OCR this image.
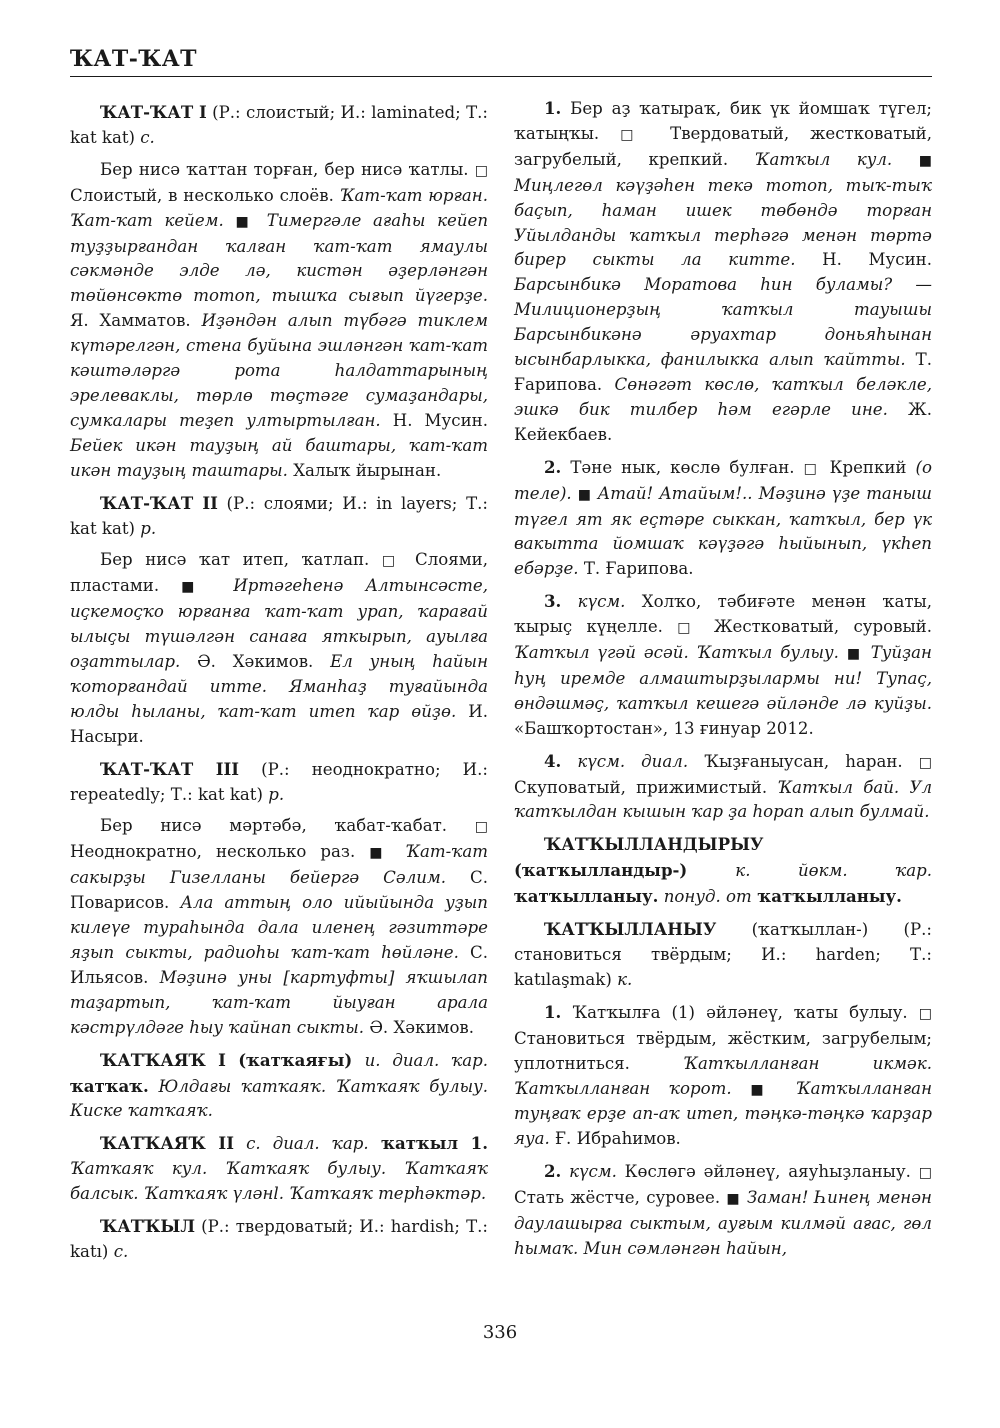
ҠАТ-ҠАТ

ҠАТ-ҠАТ I (Р.: слоистый; И.: laminated; Т.: kat kat) с.

Бер нисә ҡаттан торған, бер нисә ҡатлы. □ Слоистый, в несколько слоёв. Ҡат-ҡат юрған. Ҡат-ҡат кейем. ■ Тимергәле ағаһы кейеп туҙҙырғандан ҡалған ҡат-ҡат ямаулы сәкмәнде элде лә, кистән әҙерләнгән төйөнсөктө тотоп, тышҡа сығып йүгерҙе. Я. Хамматов. Иҙәндән алып түбәгә тиклем күтәрелгән, стена буйына эшләнгән ҡат-ҡат кәштәләргә рота һалдаттарының эрелеваклы, төрлө төҫтәге сумаҙандары, сумкалары теҙеп ултыртылған. Н. Мусин. Бейек икән тауҙың ай баштары, ҡат-ҡат икән тауҙың таштары. Халыҡ йырынан.

ҠАТ-ҠАТ II (Р.: слоями; И.: in layers; Т.: kat kat) р.

Бер нисә ҡат итеп, ҡатлап. □ Слоями, пластами. ■ Иртәгеһенә Алтынсәсте, иҫкемоҫҡо юрғанға ҡат-ҡат урап, ҡарағай ылыҫы түшәлгән санаға яткырып, ауылға оҙаттылар. Ә. Хәкимов. Ел уның һайын ҡоторғандай итте. Яманһаҙ туғайында юлды һыланы, ҡат-ҡат итеп ҡар өйҙө. И. Насыри.

ҠАТ-ҠАТ III (Р.: неоднократно; И.: repeatedly; Т.: kat kat) р.

Бер нисә мәртәбә, ҡабат-ҡабат. □ Неоднократно, несколько раз. ■ Ҡат-ҡат сакырҙы Гизелланы бейергә Сәлим. С. Поварисов. Ала аттың оло ийыйында уҙып килеүе тураһында дала иленең гәзиттәре яҙып сыкты, радиоһы ҡат-ҡат һөйләне. С. Ильясов. Мәҙинә уны [картуфты] яҡшылап таҙартып, ҡат-ҡат йыуған арала кәстрүлдәге һыу ҡайнап сыкты. Ә. Хәкимов.

ҠАТҠАЯҠ I (ҡатҡаяғы) и. диал. ҡар. ҡатҡаҡ. Юлдағы ҡатҡаяҡ. Ҡатҡаяҡ булыу. Киске ҡатҡаяҡ.

ҠАТҠАЯҠ II с. диал. ҡар. ҡатҡыл 1. Ҡатҡаяҡ кул. Ҡатҡаяҡ булыу. Ҡатҡаяҡ балсык. Ҡатҡаяҡ үләнl. Ҡатҡаяҡ терһәктәр.

ҠАТҠЫЛ (Р.: твердоватый; И.: hardish; Т.: katı) с.

1. Бер аҙ ҡатыраҡ, бик үк йомшаҡ түгел; ҡатыңҡы. □ Твердоватый, жестковатый, загрубелый, крепкий. Ҡатҡыл кул. ■ Миңлегөл кәүҙәһен текә тотоп, тыҡ-тыҡ баҫып, һаман ишек төбөндә торған Уйылданды ҡатҡыл терһәгә менән төртә бирep сыкты ла китте. Н. Мусин. Барсынбикә Моратова һин буламы? — Милиционерҙың ҡатҡыл тауышы Барсынбикәнә әруахтар доньяһынан ысынбарлыкка, фанилыкка алып ҡайтты. Т. Ғарипова. Сөнәгәт көслө, ҡатҡыл беләкле, эшкә бик тилбер һәм егәрле ине. Ж. Кейекбаев.

2. Тәне нык, көслө булған. □ Крепкий (о теле). ■ Атай! Атайым!.. Мәҙинә үҙе таныш түгел ят як еҫтәре сыккан, ҡатҡыл, бер үк вакытта йомшаҡ кәүҙәгә һыйынып, үкһеп ебәрҙе. Т. Ғарипова.

3. күсм. Холҡо, тәбиғәте менән ҡаты, ҡырыҫ күңелле. □ Жестковатый, суровый. Ҡатҡыл үгәй әсәй. Ҡатҡыл булыу. ■ Туйҙан һуң иремде алмаштырҙылармы ни! Тупаҫ, өндәшмәҫ, ҡатҡыл кешегә әйләнде лә куйҙы. «Башҡортостан», 13 ғинуар 2012.

4. күсм. диал. Ҡыҙғаныусан, һаран. □ Скуповатый, прижимистый. Ҡатҡыл бай. Ул ҡатҡылдан кышын ҡар ҙа һорап алып булмай.

ҠАТҠЫЛЛАНДЫРЫУ (ҡатҡылландыр-) к. йөкм. ҡар. ҡатҡылланыу. понуд. от ҡатҡылланыу.

ҠАТҠЫЛЛАНЫУ (ҡатҡыллан-) (Р.: становиться твёрдым; И.: harden; Т.: katılaşmak) к.

1. Ҡатҡылға (1) әйләнеү, ҡаты булыу. □ Становиться твёрдым, жёстким, загрубелым; уплотниться. Ҡатҡылланған икмәк. Ҡатҡылланған ҡорот. ■ Ҡатҡылланған туңғаҡ ерҙе ап-аҡ итеп, тәңкә-тәңкә ҡарҙар яуа. Ғ. Ибраһимов.

2. күсм. Көслөгә әйләнеү, аяуһыҙланыу. □ Стать жёстче, суровее. ■ Заман! Һинең менән даулашырға сыктым, ауғым килмәй ағас, гөл һымаҡ. Мин сәмләнгән һайын,

336
